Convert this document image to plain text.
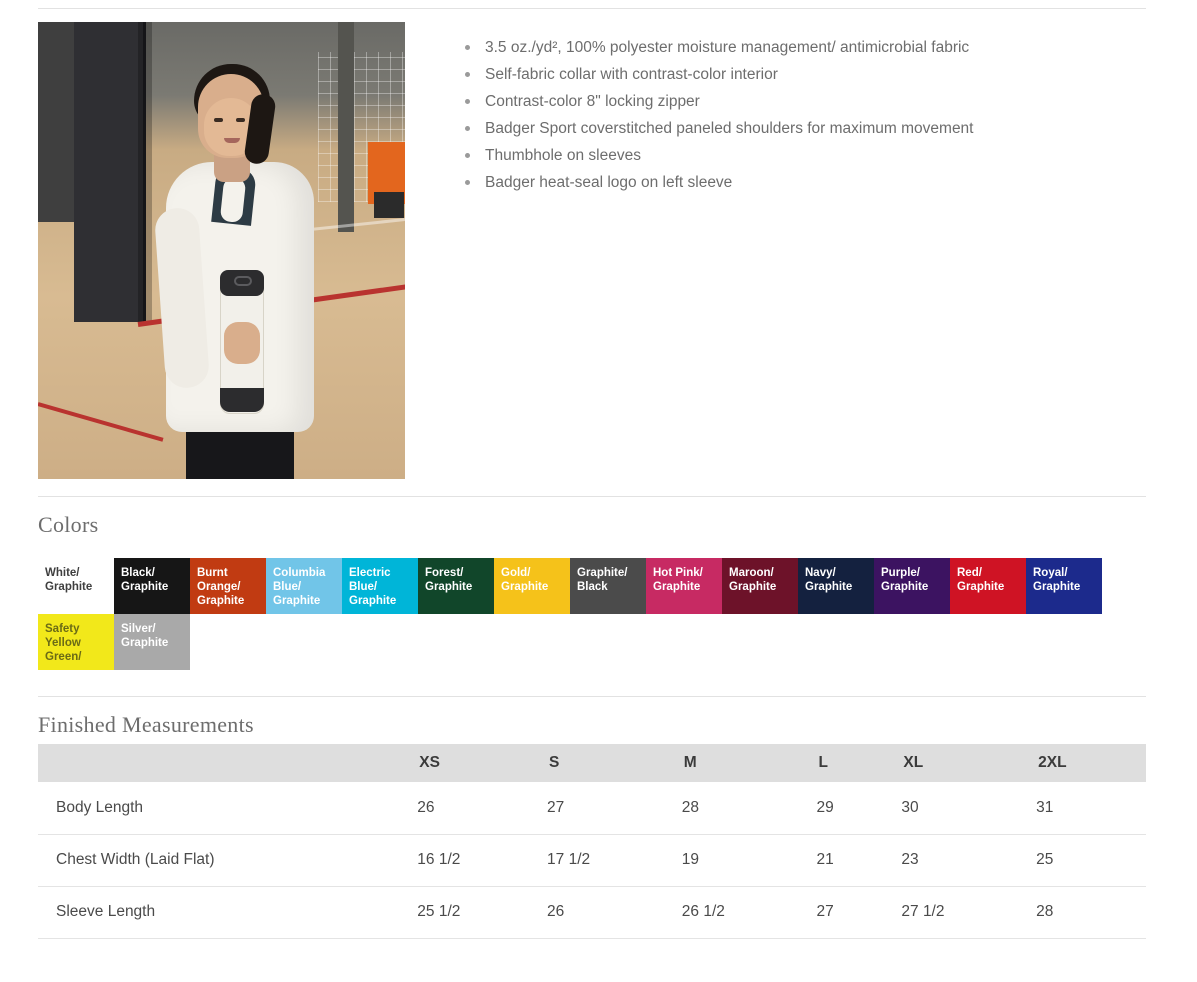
3.5 oz./yd², 100% polyester moisture management/ antimicrobial fabric
Self-fabric collar with contrast-color interior
Contrast-color 8" locking zipper
Badger Sport coverstitched paneled shoulders for maximum movement
Thumbhole on sleeves
Badger heat-seal logo on left sleeve
Colors
White/ Graphite
Black/ Graphite
Burnt Orange/ Graphite
Columbia Blue/ Graphite
Electric Blue/ Graphite
Forest/ Graphite
Gold/ Graphite
Graphite/ Black
Hot Pink/ Graphite
Maroon/ Graphite
Navy/ Graphite
Purple/ Graphite
Red/ Graphite
Royal/ Graphite
Safety Yellow Green/
Silver/ Graphite
Finished Measurements
	XS	S	M	L	XL	2XL
Body Length	26	27	28	29	30	31
Chest Width (Laid Flat)	16 1/2	17 1/2	19	21	23	25
Sleeve Length	25 1/2	26	26 1/2	27	27 1/2	28
